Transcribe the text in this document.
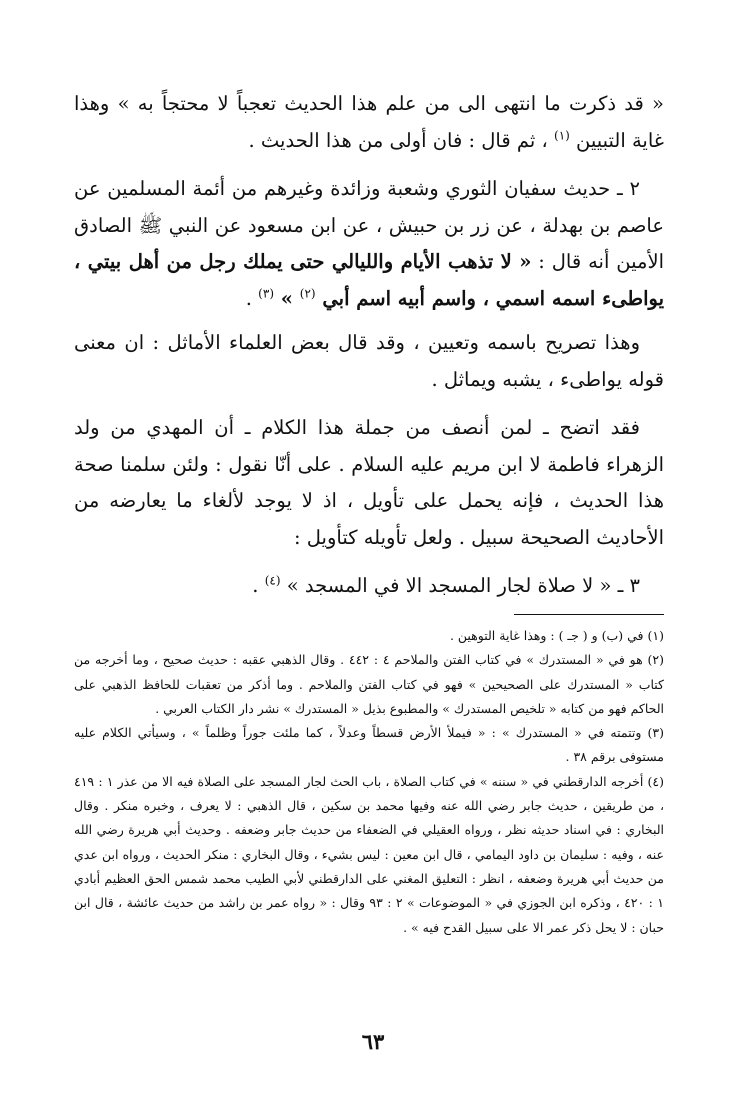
« قد ذكرت ما انتهى الى من علم هذا الحديث تعجباً لا محتجاً به » وهذا غاية التبيين $^{(١)}$ ، ثم قال : فان أولى من هذا الحديث .

٢ ـ حديث سفيان الثوري وشعبة وزائدة وغيرهم من أئمة المسلمين عن عاصم بن بهدلة ، عن زر بن حبيش ، عن ابن مسعود عن النبي ﷺ الصادق الأمين أنه قال : « لا تذهب الأيام والليالي حتى يملك رجل من أهل بيتي ، يواطىء اسمه اسمي ، واسم أبيه اسم أبي $^{(٢)}$ » $^{(٣)}$ .

وهذا تصريح باسمه وتعيين ، وقد قال بعض العلماء الأماثل : ان معنى قوله يواطىء ، يشبه ويماثل .

فقد اتضح ـ لمن أنصف من جملة هذا الكلام ـ أن المهدي من ولد الزهراء فاطمة لا ابن مريم عليه السلام . على أنّا نقول : ولئن سلمنا صحة هذا الحديث ، فإنه يحمل على تأويل ، اذ لا يوجد لألغاء ما يعارضه من الأحاديث الصحيحة سبيل . ولعل تأويله كتأويل :

٣ ـ « لا صلاة لجار المسجد الا في المسجد » $^{(٤)}$ .

(١) في (ب) و ( جـ ) : وهذا غاية التوهين .

(٢) هو في « المستدرك » في كتاب الفتن والملاحم ٤ : ٤٤٢ . وقال الذهبي عقبه : حديث صحيح ، وما أخرجه من كتاب « المستدرك على الصحيحين » فهو في كتاب الفتن والملاحم . وما أذكر من تعقبات للحافظ الذهبي على الحاكم فهو من كتابه « تلخيص المستدرك » والمطبوع بذيل « المستدرك » نشر دار الكتاب العربي .

(٣) وتتمته في « المستدرك » : « فيملأ الأرض قسطاً وعدلاً ، كما ملئت جوراً وظلماً » ، وسيأتي الكلام عليه مستوفى برقم ٣٨ .

(٤) أخرجه الدارقطني في « سننه » في كتاب الصلاة ، باب الحث لجار المسجد على الصلاة فيه الا من عذر ١ : ٤١٩ ، من طريقين ، حديث جابر رضي الله عنه وفيها محمد بن سكين ، قال الذهبي : لا يعرف ، وخبره منكر . وقال البخاري : في اسناد حديثه نظر ، ورواه العقيلي في الضعفاء من حديث جابر وضعفه . وحديث أبي هريرة رضي الله عنه ، وفيه : سليمان بن داود اليمامي ، قال ابن معين : ليس بشيء ، وقال البخاري : منكر الحديث ، ورواه ابن عدي من حديث أبي هريرة وضعفه ، انظر : التعليق المغني على الدارقطني لأبي الطيب محمد شمس الحق العظيم أبادي ١ : ٤٢٠ ، وذكره ابن الجوزي في « الموضوعات » ٢ : ٩٣ وقال : « رواه عمر بن راشد من حديث عائشة ، قال ابن حبان : لا يحل ذكر عمر الا على سبيل القدح فيه » .

٦٣
